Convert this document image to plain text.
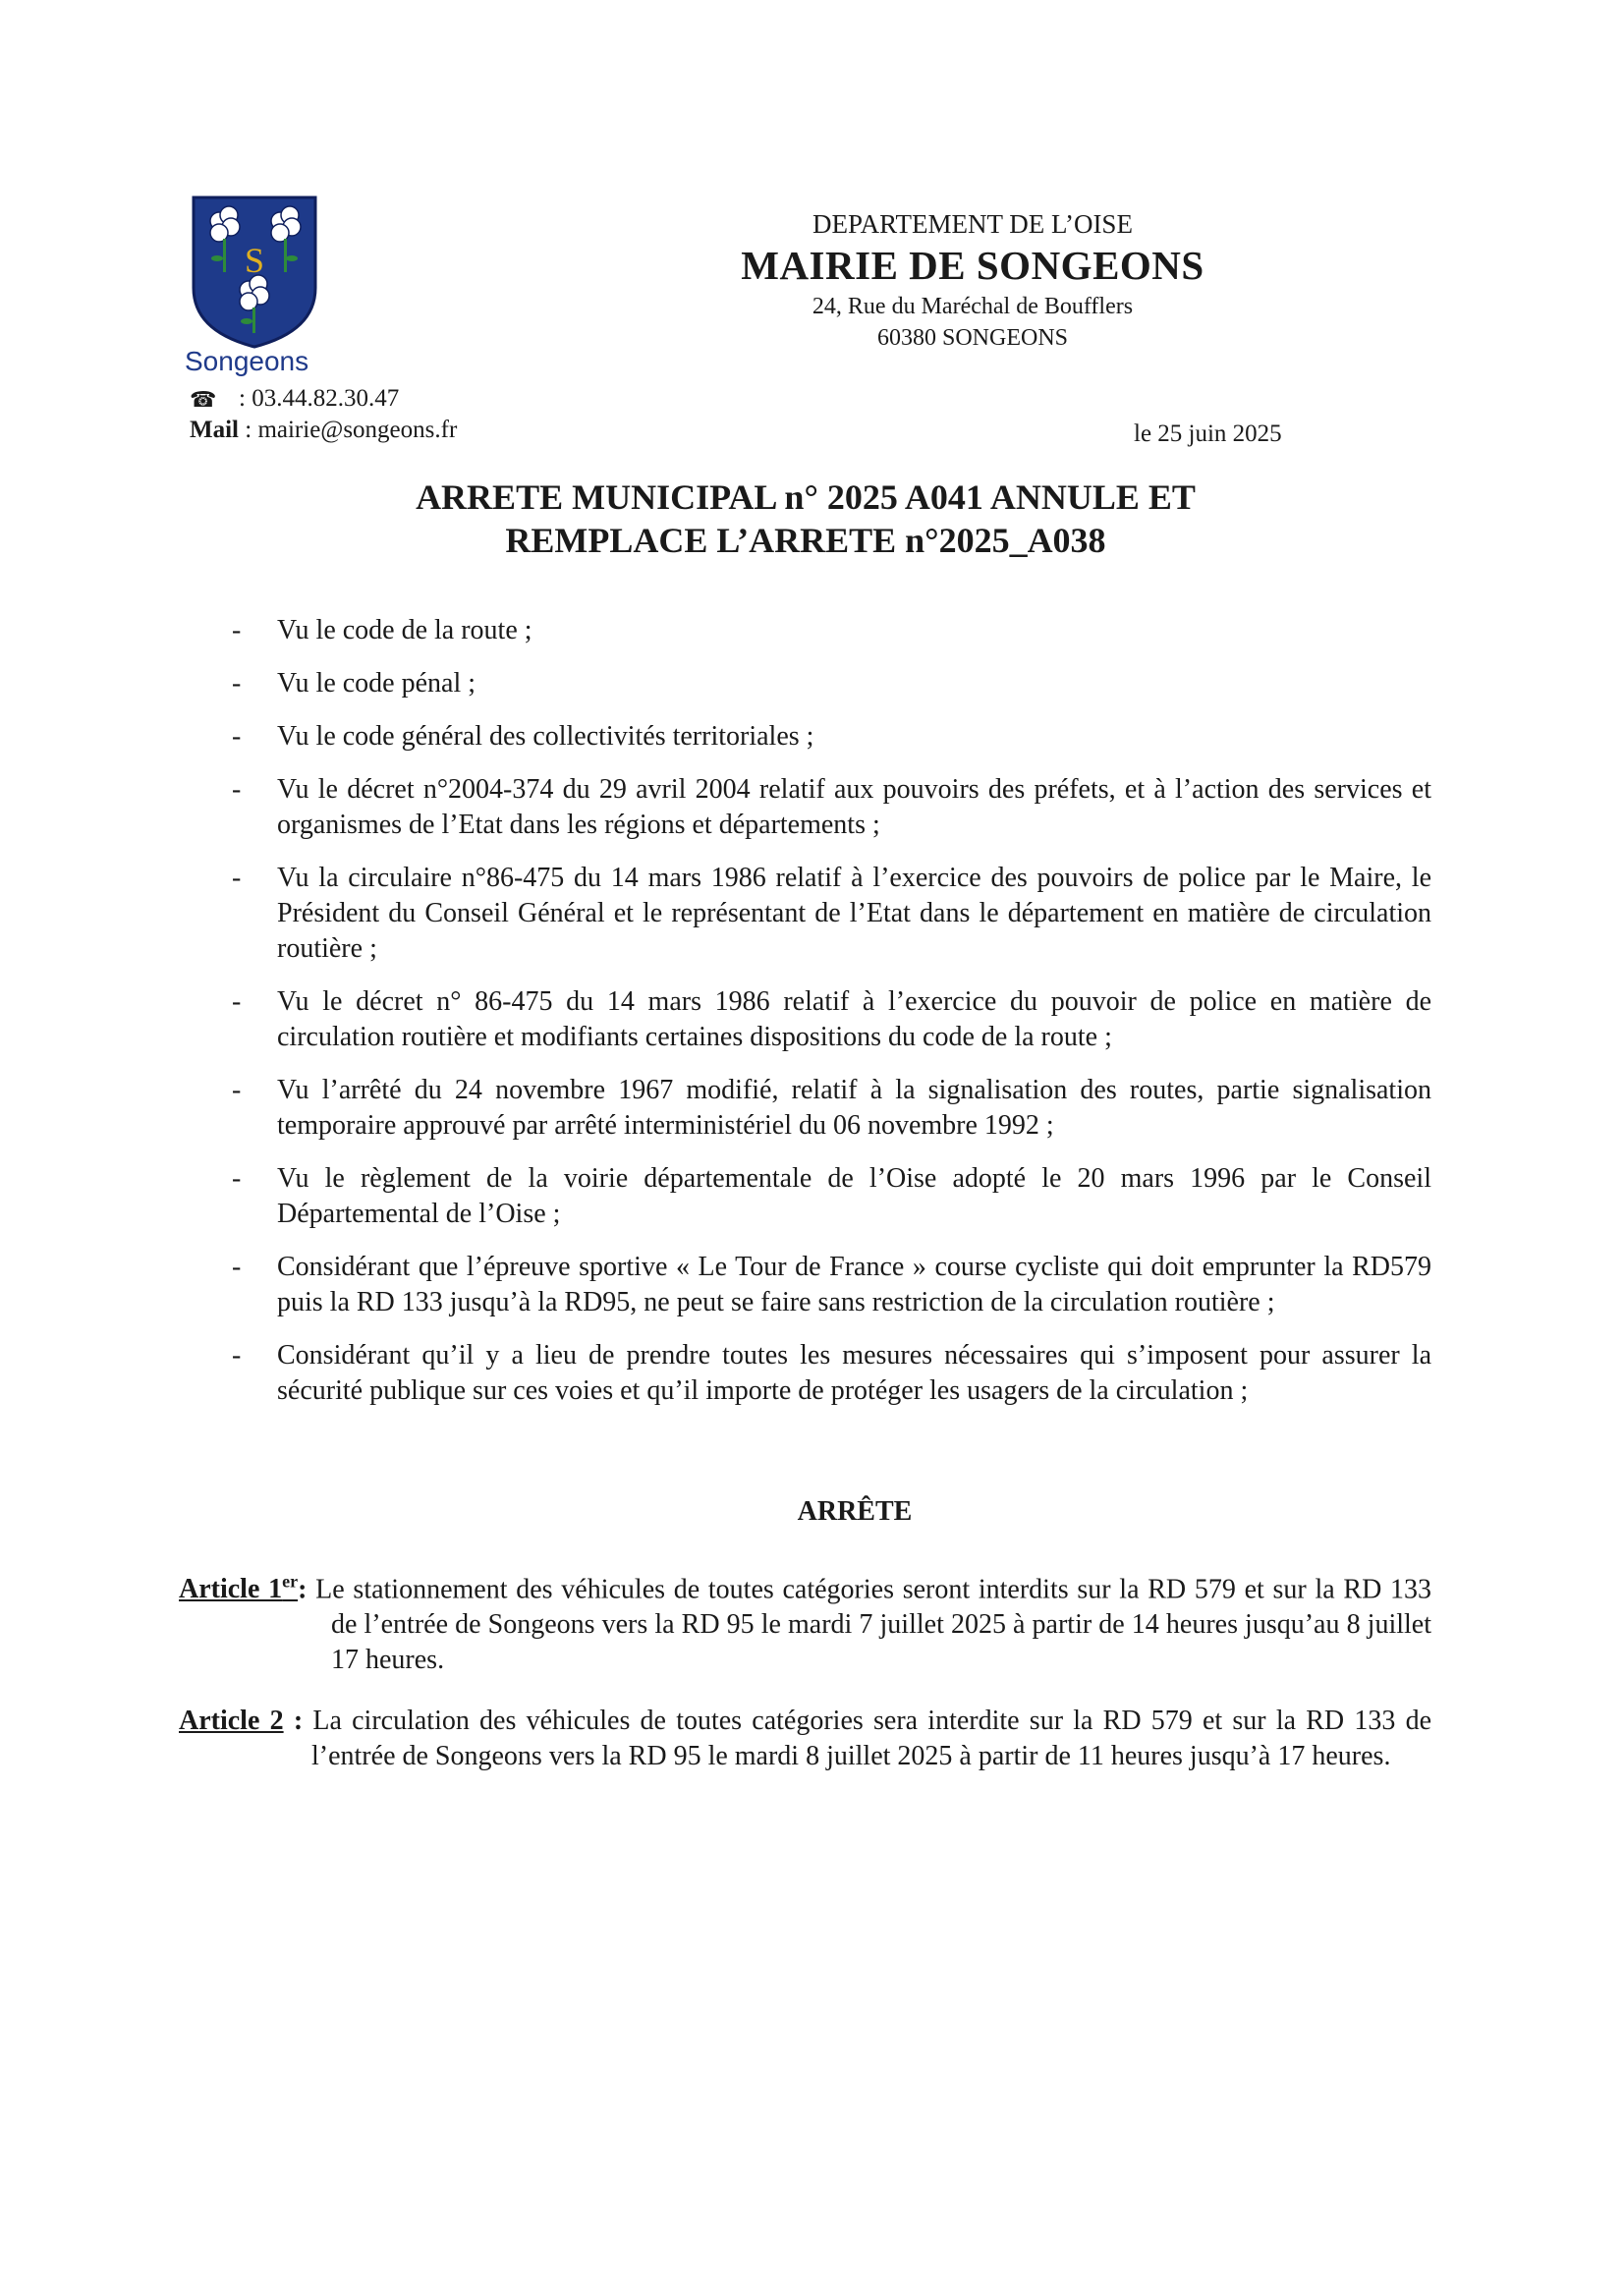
S
Songeons
☎ : 03.44.82.30.47
Mail : mairie@songeons.fr
DEPARTEMENT DE L’OISE
MAIRIE DE SONGEONS
24, Rue du Maréchal de Boufflers
60380 SONGEONS
le 25 juin 2025
ARRETE MUNICIPAL n° 2025 A041 ANNULE ET
REMPLACE L’ARRETE n°2025_A038
- Vu le code de la route ;
- Vu le code pénal ;
- Vu le code général des collectivités territoriales ;
- Vu le décret n°2004-374 du 29 avril 2004 relatif aux pouvoirs des préfets, et à l’action des services et organismes de l’Etat dans les régions et départements ;
- Vu la circulaire n°86-475 du 14 mars 1986 relatif à l’exercice des pouvoirs de police par le Maire, le Président du Conseil Général et le représentant de l’Etat dans le département en matière de circulation routière ;
- Vu le décret n° 86-475 du 14 mars 1986 relatif à l’exercice du pouvoir de police en matière de circulation routière et modifiants certaines dispositions du code de la route ;
- Vu l’arrêté du 24 novembre 1967 modifié, relatif à la signalisation des routes, partie signalisation temporaire approuvé par arrêté interministériel du 06 novembre 1992 ;
- Vu le règlement de la voirie départementale de l’Oise adopté le 20 mars 1996 par le Conseil Départemental de l’Oise ;
- Considérant que l’épreuve sportive « Le Tour de France » course cycliste qui doit emprunter la RD579 puis la RD 133 jusqu’à la RD95, ne peut se faire sans restriction de la circulation routière ;
- Considérant qu’il y a lieu de prendre toutes les mesures nécessaires qui s’imposent pour assurer la sécurité publique sur ces voies et qu’il importe de protéger les usagers de la circulation ;
ARRÊTE
Article 1er: Le stationnement des véhicules de toutes catégories seront interdits sur la RD 579 et sur la RD 133 de l’entrée de Songeons vers la RD 95 le mardi 7 juillet 2025 à partir de 14 heures jusqu’au 8 juillet 17 heures.
Article 2 : La circulation des véhicules de toutes catégories sera interdite sur la RD 579 et sur la RD 133 de l’entrée de Songeons vers la RD 95 le mardi 8 juillet 2025 à partir de 11 heures jusqu’à 17 heures.
